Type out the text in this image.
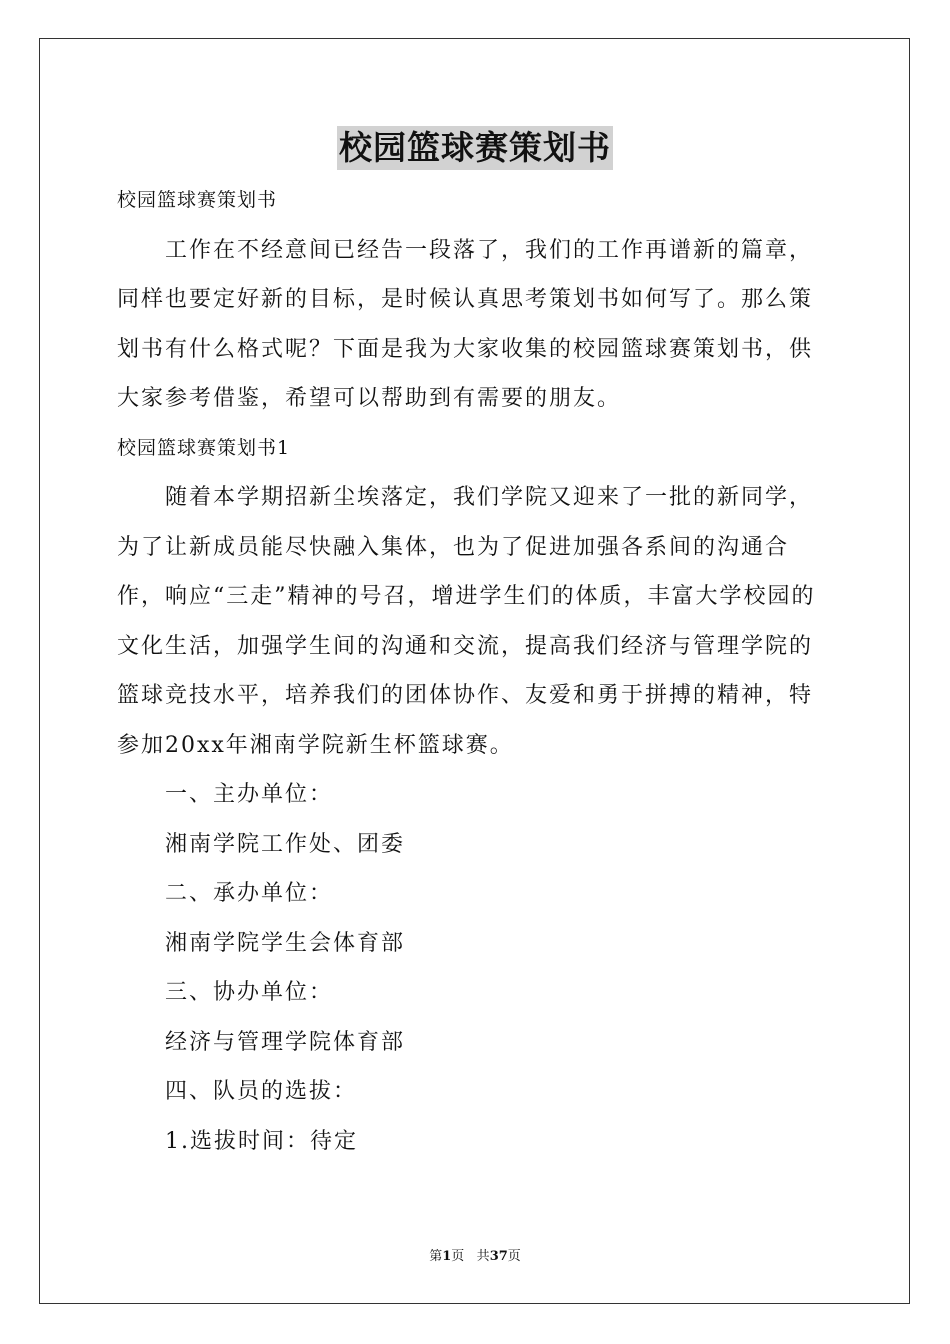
校园篮球赛策划书

校园篮球赛策划书

工作在不经意间已经告一段落了，我们的工作再谱新的篇章，同样也要定好新的目标，是时候认真思考策划书如何写了。那么策划书有什么格式呢？下面是我为大家收集的校园篮球赛策划书，供大家参考借鉴，希望可以帮助到有需要的朋友。

校园篮球赛策划书1

随着本学期招新尘埃落定，我们学院又迎来了一批的新同学，为了让新成员能尽快融入集体，也为了促进加强各系间的沟通合作，响应“三走”精神的号召，增进学生们的体质，丰富大学校园的文化生活，加强学生间的沟通和交流，提高我们经济与管理学院的篮球竞技水平，培养我们的团体协作、友爱和勇于拼搏的精神，特参加20xx年湘南学院新生杯篮球赛。

一、主办单位：

湘南学院工作处、团委

二、承办单位：

湘南学院学生会体育部

三、协办单位：

经济与管理学院体育部

四、队员的选拔：

1.选拔时间：待定

第1页 共37页
